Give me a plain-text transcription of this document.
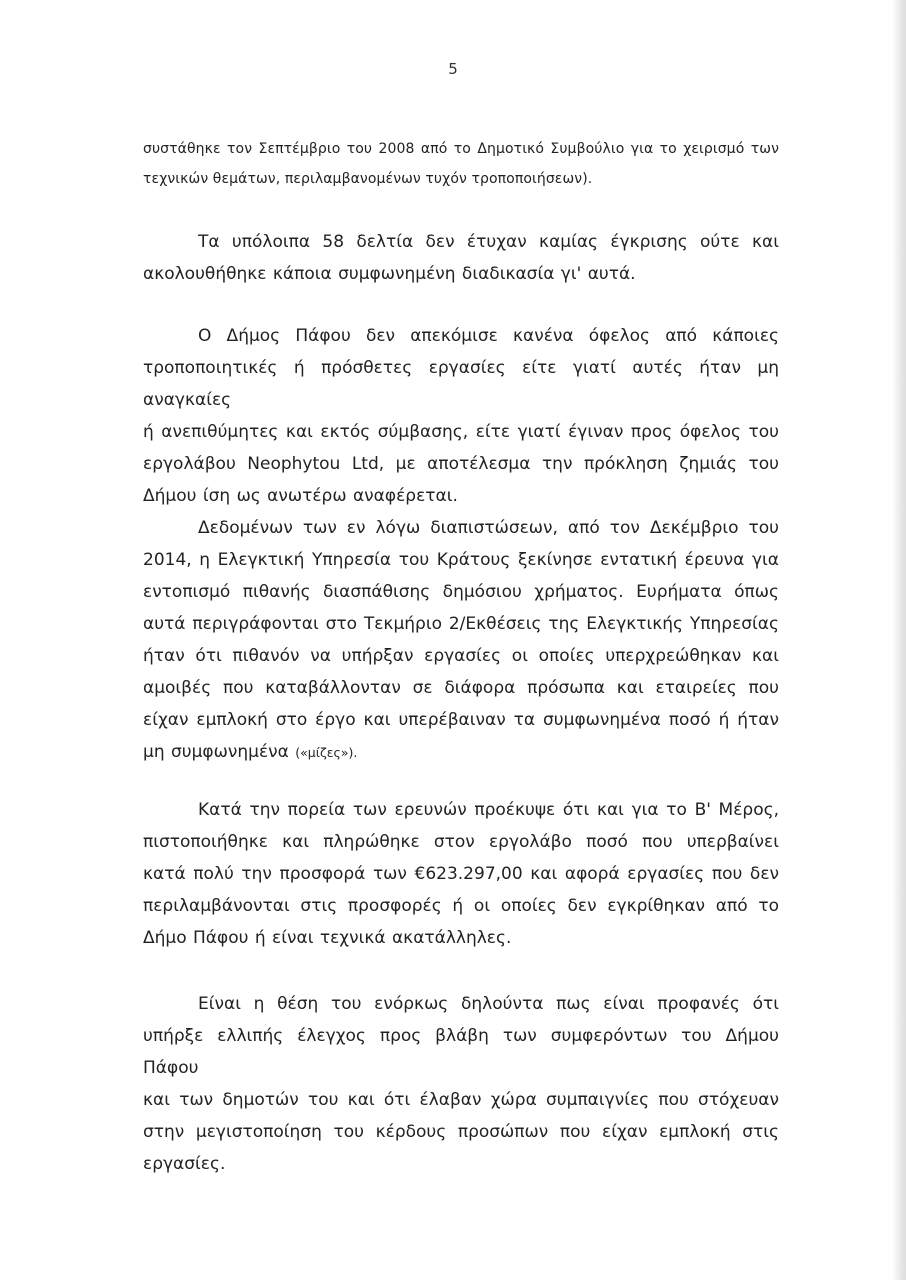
5
συστάθηκε τον Σεπτέμβριο του 2008 από το Δημοτικό Συμβούλιο για το χειρισμό των
τεχνικών θεμάτων, περιλαμβανομένων τυχόν τροποποιήσεων).

Τα υπόλοιπα 58 δελτία δεν έτυχαν καμίας έγκρισης ούτε και
ακολουθήθηκε κάποια συμφωνημένη διαδικασία γι' αυτά.

Ο Δήμος Πάφου δεν απεκόμισε κανένα όφελος από κάποιες
τροποποιητικές ή πρόσθετες εργασίες είτε γιατί αυτές ήταν μη αναγκαίες
ή ανεπιθύμητες και εκτός σύμβασης, είτε γιατί έγιναν προς όφελος του
εργολάβου Neophytou Ltd, με αποτέλεσμα την πρόκληση ζημιάς του
Δήμου ίση ως ανωτέρω αναφέρεται.

Δεδομένων των εν λόγω διαπιστώσεων, από τον Δεκέμβριο του
2014, η Ελεγκτική Υπηρεσία του Κράτους ξεκίνησε εντατική έρευνα για
εντοπισμό πιθανής διασπάθισης δημόσιου χρήματος. Ευρήματα όπως
αυτά περιγράφονται στο Τεκμήριο 2/Εκθέσεις της Ελεγκτικής Υπηρεσίας
ήταν ότι πιθανόν να υπήρξαν εργασίες οι οποίες υπερχρεώθηκαν και
αμοιβές που καταβάλλονταν σε διάφορα πρόσωπα και εταιρείες που
είχαν εμπλοκή στο έργο και υπερέβαιναν τα συμφωνημένα ποσό ή ήταν
μη συμφωνημένα («μίζες»).

Κατά την πορεία των ερευνών προέκυψε ότι και για το Β' Μέρος,
πιστοποιήθηκε και πληρώθηκε στον εργολάβο ποσό που υπερβαίνει
κατά πολύ την προσφορά των €623.297,00 και αφορά εργασίες που δεν
περιλαμβάνονται στις προσφορές ή οι οποίες δεν εγκρίθηκαν από το
Δήμο Πάφου ή είναι τεχνικά ακατάλληλες.

Είναι η θέση του ενόρκως δηλούντα πως είναι προφανές ότι
υπήρξε ελλιπής έλεγχος προς βλάβη των συμφερόντων του Δήμου Πάφου
και των δημοτών του και ότι έλαβαν χώρα συμπαιγνίες που στόχευαν
στην μεγιστοποίηση του κέρδους προσώπων που είχαν εμπλοκή στις
εργασίες.
